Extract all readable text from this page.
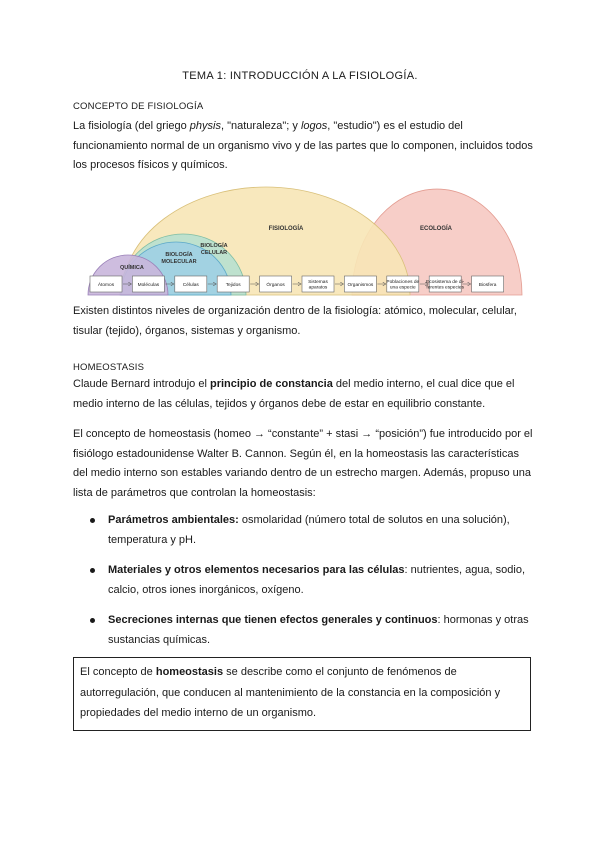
TEMA 1: INTRODUCCIÓN A LA FISIOLOGÍA.
CONCEPTO DE FISIOLOGÍA

La fisiología (del griego physis, "naturaleza"; y logos, "estudio") es el estudio del funcionamiento normal de un organismo vivo y de las partes que lo componen, incluidos todos los procesos físicos y químicos.

QUÍMICA
BIOLOGÍA
MOLECULAR
BIOLOGÍA
CELULAR
FISIOLOGÍA	ECOLOGÍA
Átomos	Moléculas	Células	Tejidos	Órganos
Sistemas aparatos	Organismos
Poblaciones de una especie
Ecosistema de di-ferentes especies	Biosfera

Existen distintos niveles de organización dentro de la fisiología: atómico, molecular, celular, tisular (tejido), órganos, sistemas y organismo.

HOMEOSTASIS

Claude Bernard introdujo el principio de constancia del medio interno, el cual dice que el medio interno de las células, tejidos y órganos debe de estar en equilibrio constante.

El concepto de homeostasis (homeo → “constante” + stasi → “posición”) fue introducido por el fisiólogo estadounidense Walter B. Cannon. Según él, en la homeostasis las características del medio interno son estables variando dentro de un estrecho margen. Además, propuso una lista de parámetros que controlan la homeostasis:

Parámetros ambientales: osmolaridad (número total de solutos en una solución), temperatura y pH.
Materiales y otros elementos necesarios para las células: nutrientes, agua, sodio, calcio, otros iones inorgánicos, oxígeno.
Secreciones internas que tienen efectos generales y continuos: hormonas y otras sustancias químicas.
El concepto de homeostasis se describe como el conjunto de fenómenos de autorregulación, que conducen al mantenimiento de la constancia en la composición y propiedades del medio interno de un organismo.
